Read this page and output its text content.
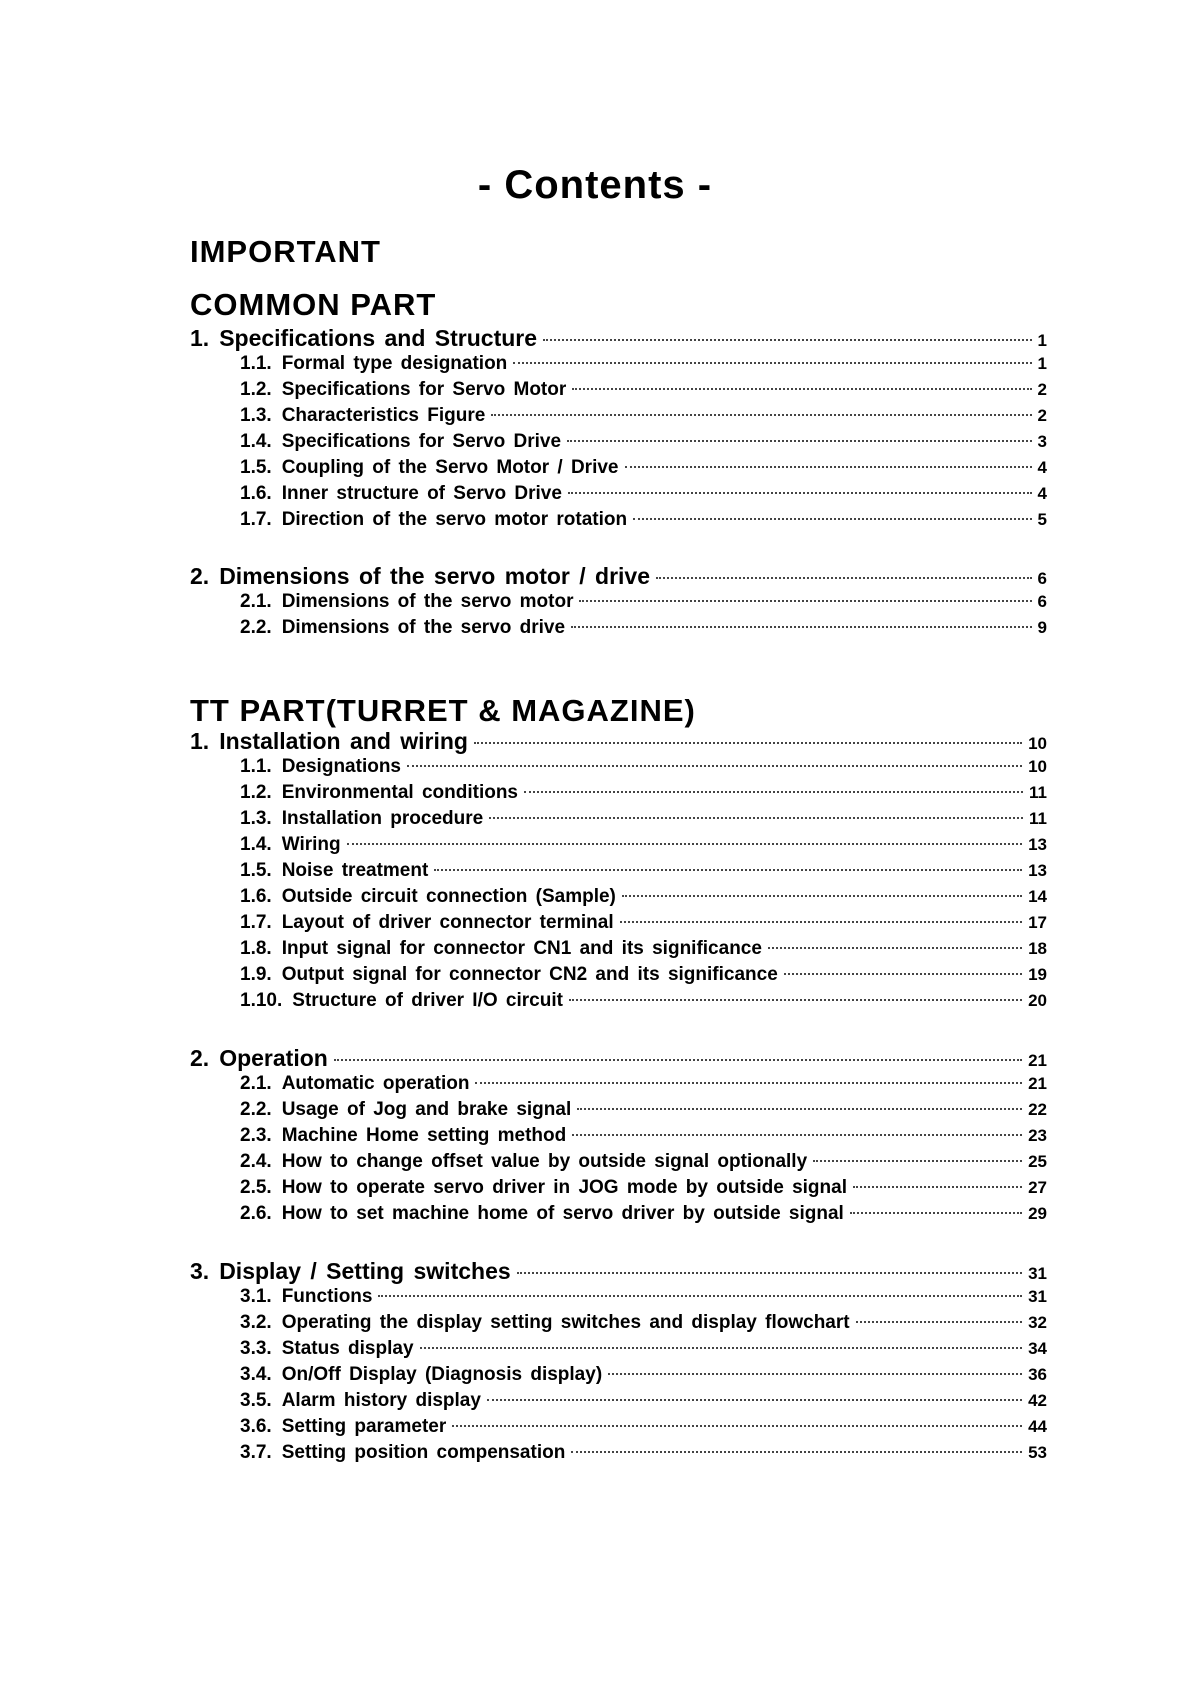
- Contents -
IMPORTANT
COMMON PART
TT PART(TURRET & MAGAZINE)
1. Specifications and Structure	1
1.1. Formal type designation	1
1.2. Specifications for Servo Motor	2
1.3. Characteristics Figure	2
1.4. Specifications for Servo Drive	3
1.5. Coupling of the Servo Motor / Drive	4
1.6. Inner structure of Servo Drive	4
1.7. Direction of the servo motor rotation	5
2. Dimensions of the servo motor / drive	6
2.1. Dimensions of the servo motor	6
2.2. Dimensions of the servo drive	9
1. Installation and wiring	10
1.1. Designations	10
1.2. Environmental conditions	11
1.3. Installation procedure	11
1.4. Wiring	13
1.5. Noise treatment	13
1.6. Outside circuit connection (Sample)	14
1.7. Layout of driver connector terminal	17
1.8. Input signal for connector CN1 and its significance	18
1.9. Output signal for connector CN2 and its significance	19
1.10. Structure of driver I/O circuit	20
2. Operation	21
2.1. Automatic operation	21
2.2. Usage of Jog and brake signal	22
2.3. Machine Home setting method	23
2.4. How to change offset value by outside signal optionally	25
2.5. How to operate servo driver in JOG mode by outside signal	27
2.6. How to set machine home of servo driver by outside signal	29
3. Display / Setting switches	31
3.1. Functions	31
3.2. Operating the display setting switches and display flowchart	32
3.3. Status display	34
3.4. On/Off Display (Diagnosis display)	36
3.5. Alarm history display	42
3.6. Setting parameter	44
3.7. Setting position compensation	53
